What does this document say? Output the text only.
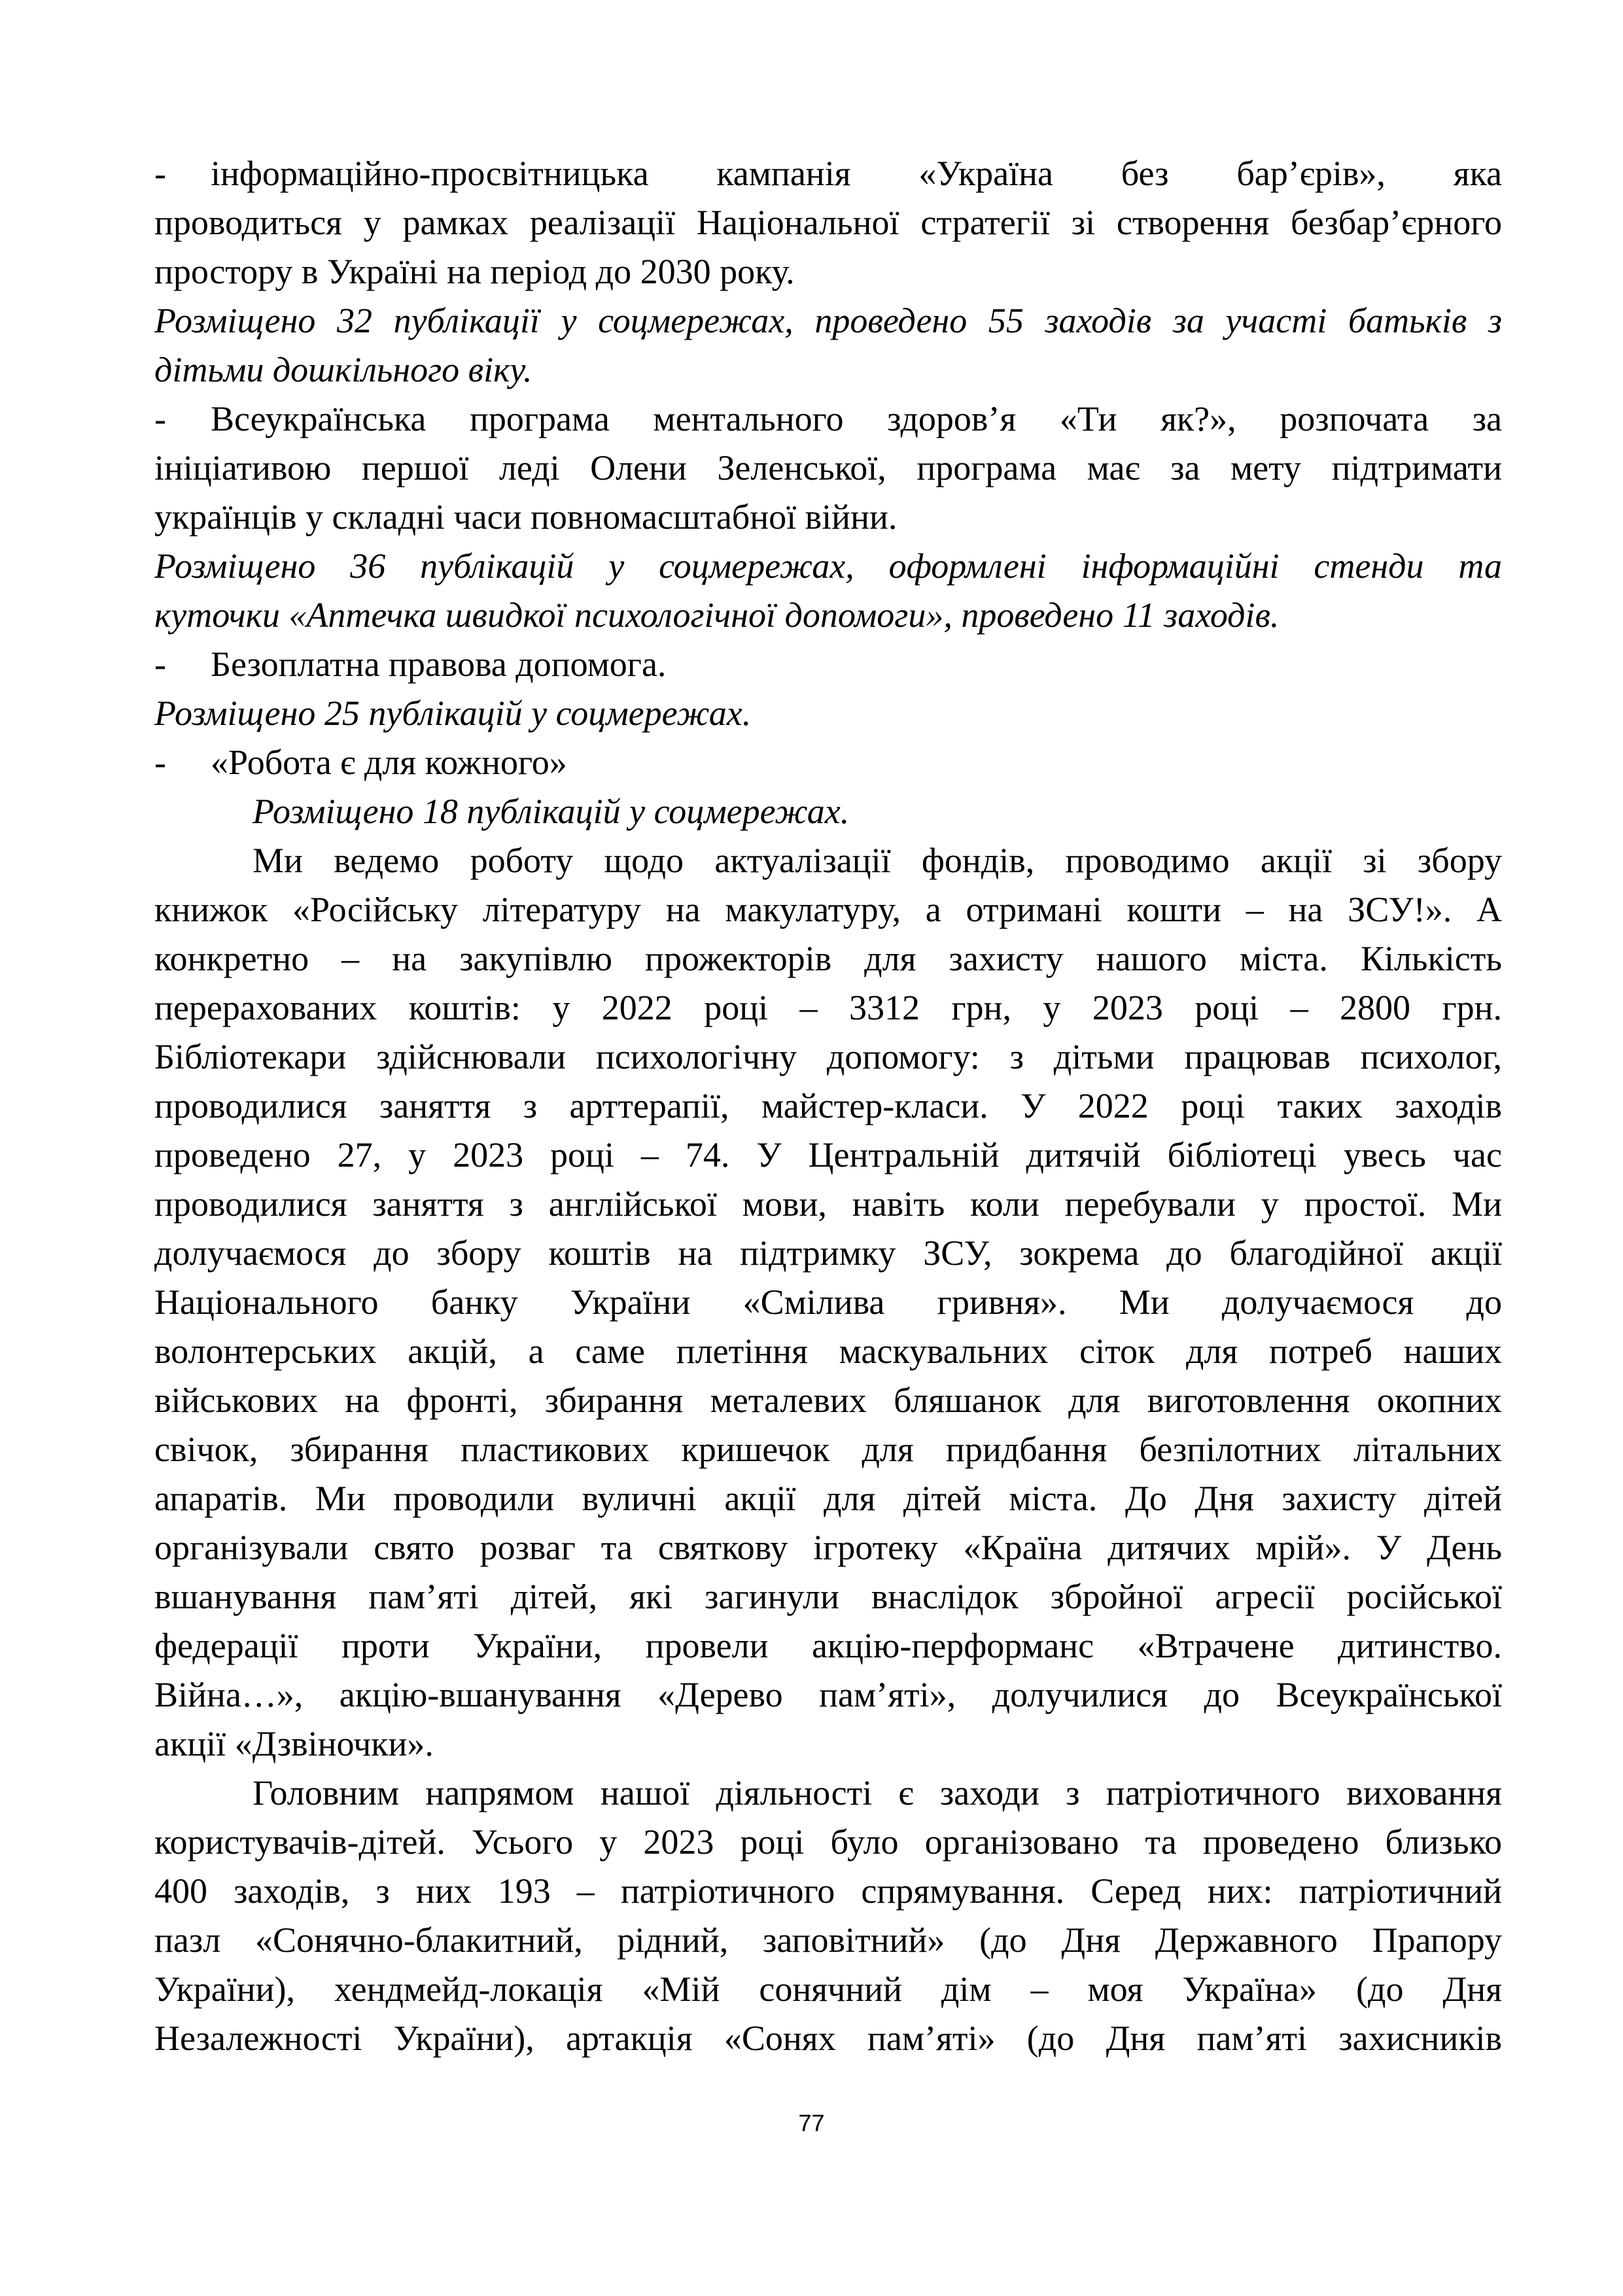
- інформаційно-просвітницька кампанія «Україна без бар’єрів», яка
проводиться у рамках реалізації Національної стратегії зі створення безбар’єрного
простору в Україні на період до 2030 року.
Розміщено 32 публікації у соцмережах, проведено 55 заходів за участі батьків з
дітьми дошкільного віку.
- Всеукраїнська програма ментального здоров’я «Ти як?», розпочата за
ініціативою першої леді Олени Зеленської, програма має за мету підтримати
українців у складні часи повномасштабної війни.
Розміщено 36 публікацій у соцмережах, оформлені інформаційні стенди та
куточки «Аптечка швидкої психологічної допомоги», проведено 11 заходів.
- Безоплатна правова допомога.
Розміщено 25 публікацій у соцмережах.
- «Робота є для кожного»
Розміщено 18 публікацій у соцмережах.
Ми ведемо роботу щодо актуалізації фондів, проводимо акції зі збору
книжок «Російську літературу на макулатуру, а отримані кошти – на ЗСУ!». А
конкретно – на закупівлю прожекторів для захисту нашого міста. Кількість
перерахованих коштів: у 2022 році – 3312 грн, у 2023 році – 2800 грн.
Бібліотекари здійснювали психологічну допомогу: з дітьми працював психолог,
проводилися заняття з арттерапії, майстер-класи. У 2022 році таких заходів
проведено 27, у 2023 році – 74. У Центральній дитячій бібліотеці увесь час
проводилися заняття з англійської мови, навіть коли перебували у простої. Ми
долучаємося до збору коштів на підтримку ЗСУ, зокрема до благодійної акції
Національного банку України «Смілива гривня». Ми долучаємося до
волонтерських акцій, а саме плетіння маскувальних сіток для потреб наших
військових на фронті, збирання металевих бляшанок для виготовлення окопних
свічок, збирання пластикових кришечок для придбання безпілотних літальних
апаратів. Ми проводили вуличні акції для дітей міста. До Дня захисту дітей
організували свято розваг та святкову ігротеку «Країна дитячих мрій». У День
вшанування пам’яті дітей, які загинули внаслідок збройної агресії російської
федерації проти України, провели акцію-перформанс «Втрачене дитинство.
Війна…», акцію-вшанування «Дерево пам’яті», долучилися до Всеукраїнської
акції «Дзвіночки».
Головним напрямом нашої діяльності є заходи з патріотичного виховання
користувачів-дітей. Усього у 2023 році було організовано та проведено близько
400 заходів, з них 193 – патріотичного спрямування. Серед них: патріотичний
пазл «Сонячно-блакитний, рідний, заповітний» (до Дня Державного Прапору
України), хендмейд-локація «Мій сонячний дім – моя Україна» (до Дня
Незалежності України), артакція «Сонях пам’яті» (до Дня пам’яті захисників
77
